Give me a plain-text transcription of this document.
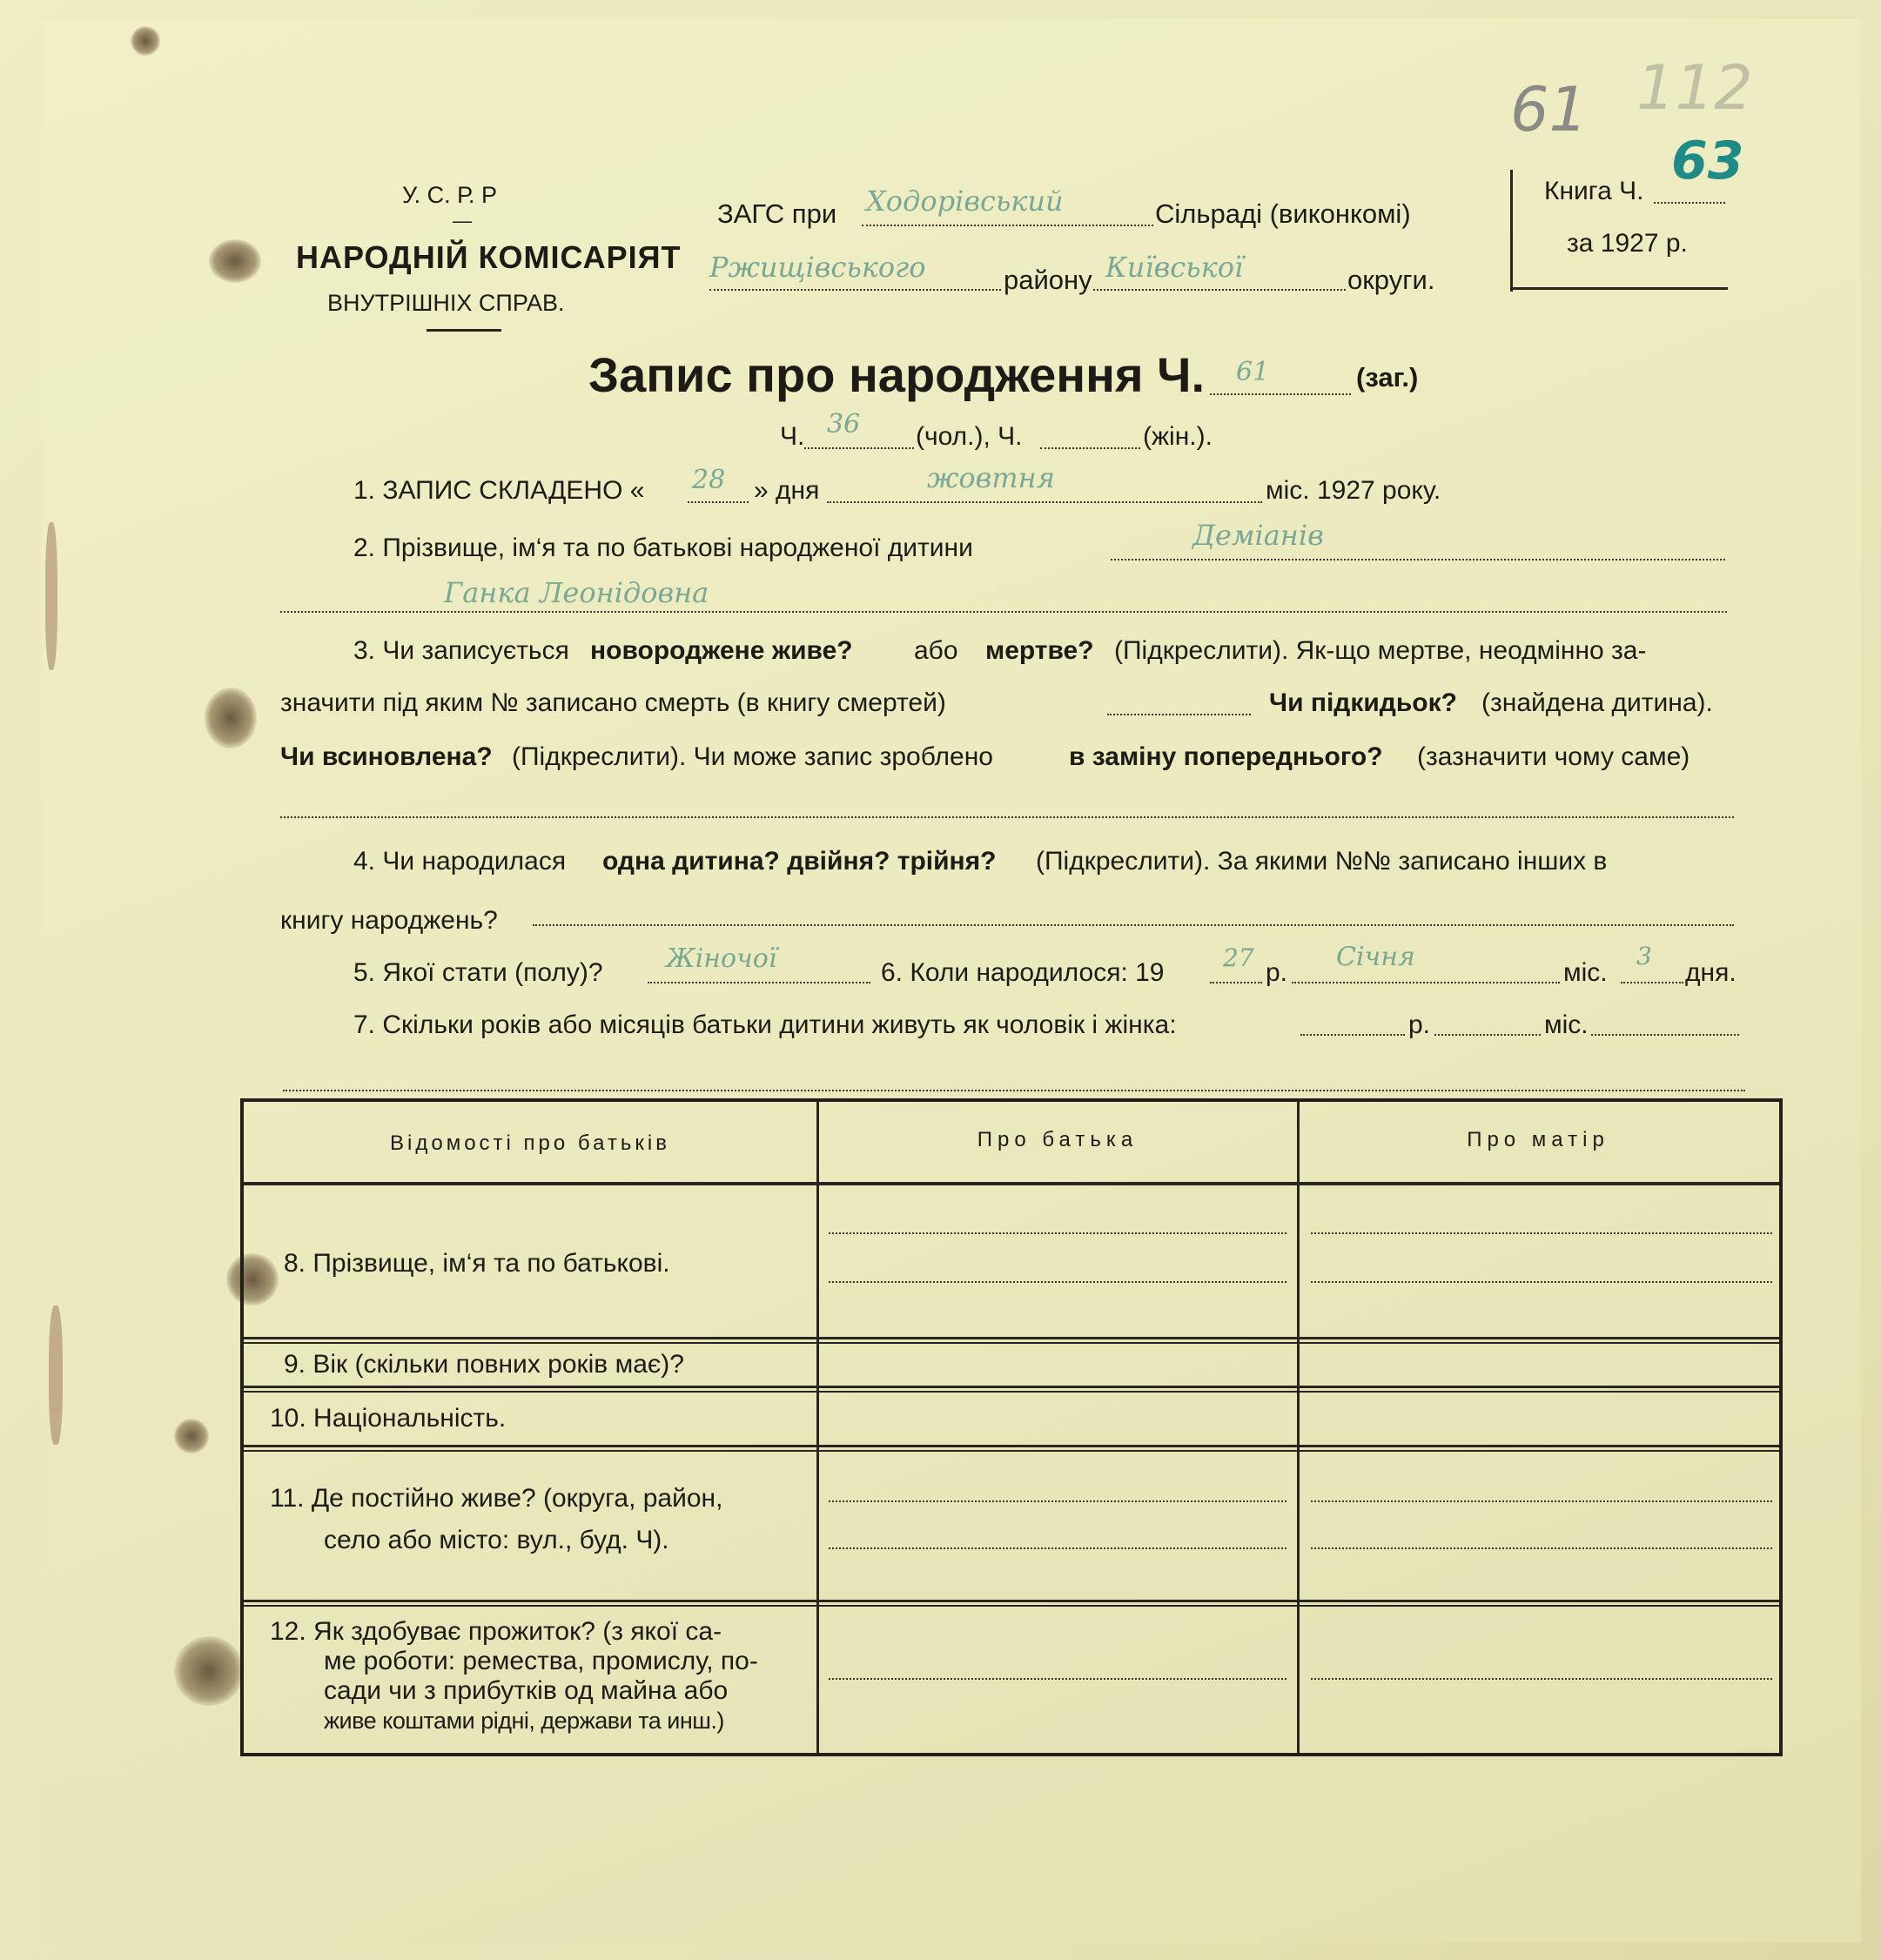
61 112
63
У. С. Р. Р
—
НАРОДНІЙ КОМІСАРІЯТ
ВНУТРІШНІХ СПРАВ.
ЗАГС при Ходорівський	Сільраді (виконкомі)
Ржищівського	району Київської	округи.
Книга Ч.
за 1927 р.
Запис про народження Ч. 61	(заг.)
Ч. 36 (чол.), Ч.	(жін.).
1. ЗАПИС СКЛАДЕНО « 28 » дня	жовтня	міс. 1927 року.
2. Прізвище, ім‘я та по батькові народженої дитини	Деміанів
Ганка Леонідовна
3. Чи записується новороджене живе? або мертве? (Підкреслити). Як-що мертве, неодмінно за-
значити під яким № записано смерть (в книгу смертей)	Чи підкидьок? (знайдена дитина).
Чи всиновлена? (Підкреслити). Чи може запис зроблено	в заміну попереднього? (зазначити чому саме)
4. Чи народилася одна дитина? двійня? трійня? (Підкреслити). За якими №№ записано інших в
книгу народжень?
5. Якої стати (полу)? Жіночої	6. Коли народилося: 19
27
р.
Січня
міс.
3
дня.
7. Скільки років або місяців батьки дитини живуть як чоловік і жінка:	р.	міс.
Відомості про батьків	Про батька	Про матір
8. Прізвище, ім‘я та по батькові.
9. Вік (скільки повних років має)?
10. Національність.
11. Де постійно живе? (округа, район,
село або місто: вул., буд. Ч).
12. Як здобуває прожиток? (з якої са-
ме роботи: ремества, промислу, по-
сади чи з прибутків од майна або
живе коштами рідні, держави та инш.)
